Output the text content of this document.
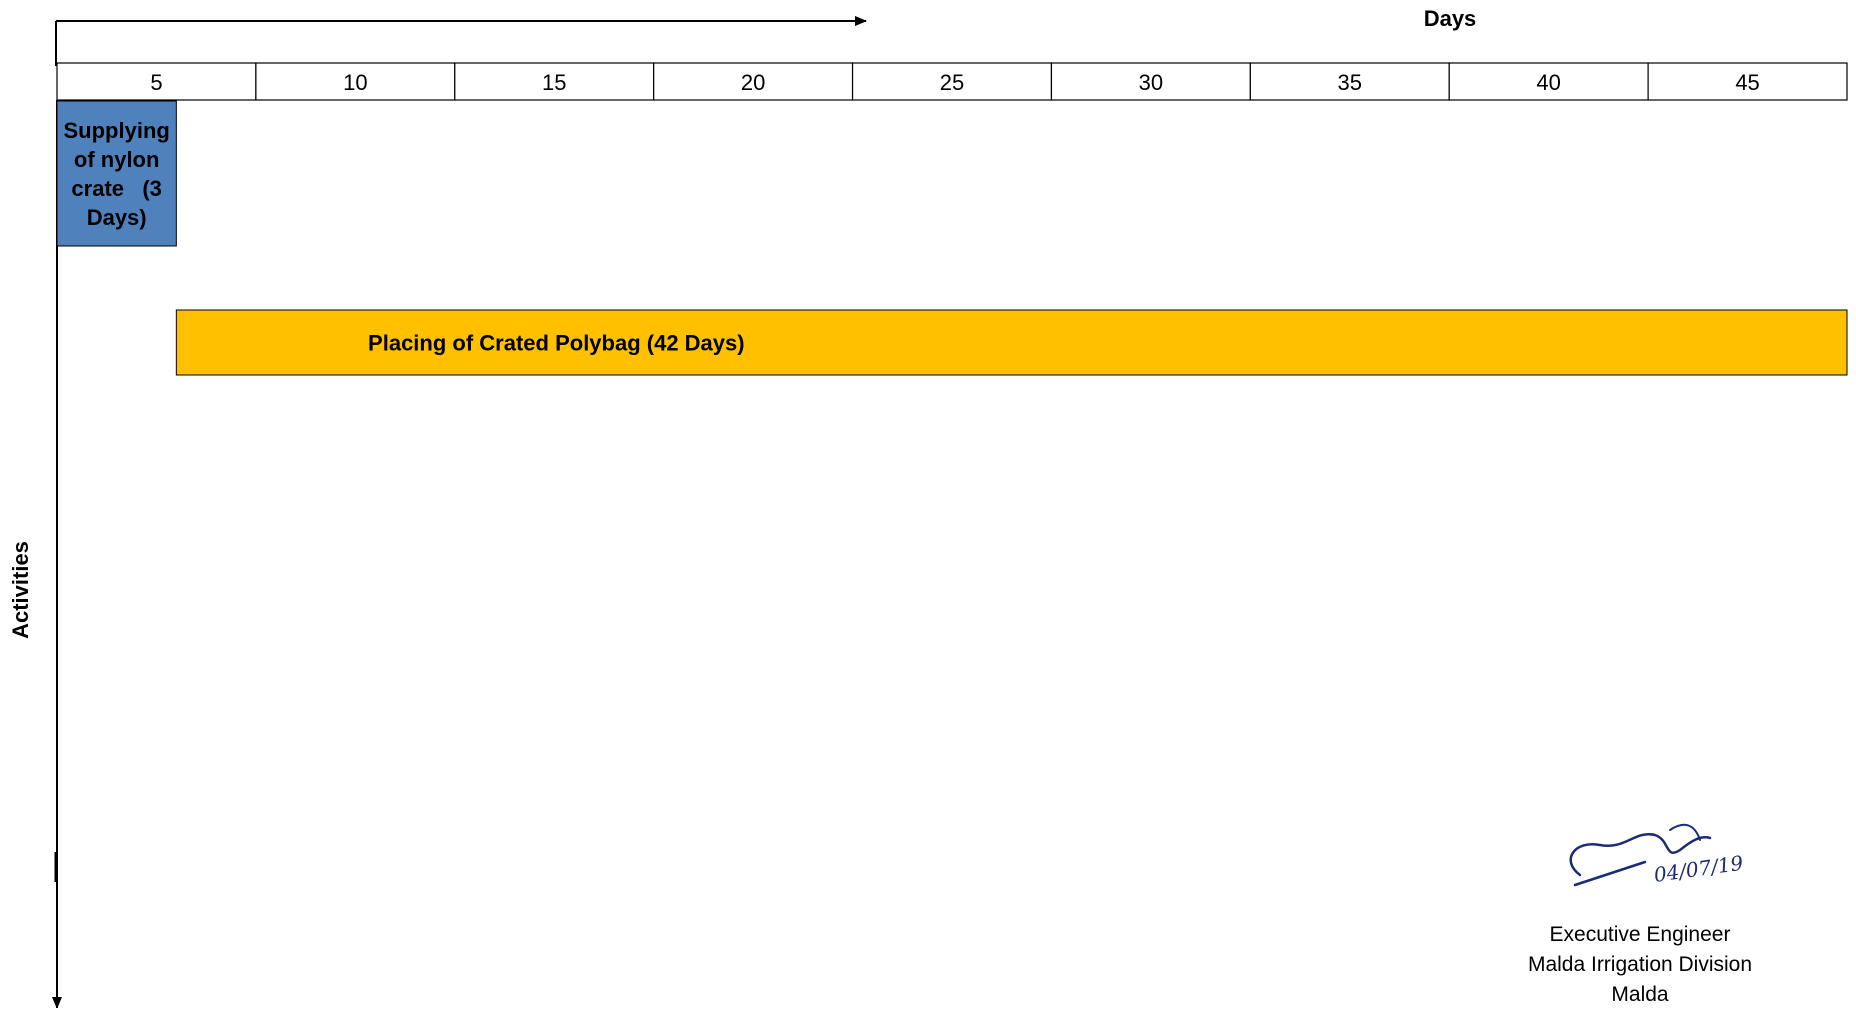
Days
Activities
5	10	15	20	25	30	35	40	45
Supplying
of nylon
crate   (3
Days)
Placing of Crated Polybag (42 Days)
04/07/19
Executive Engineer
Malda Irrigation Division
Malda
